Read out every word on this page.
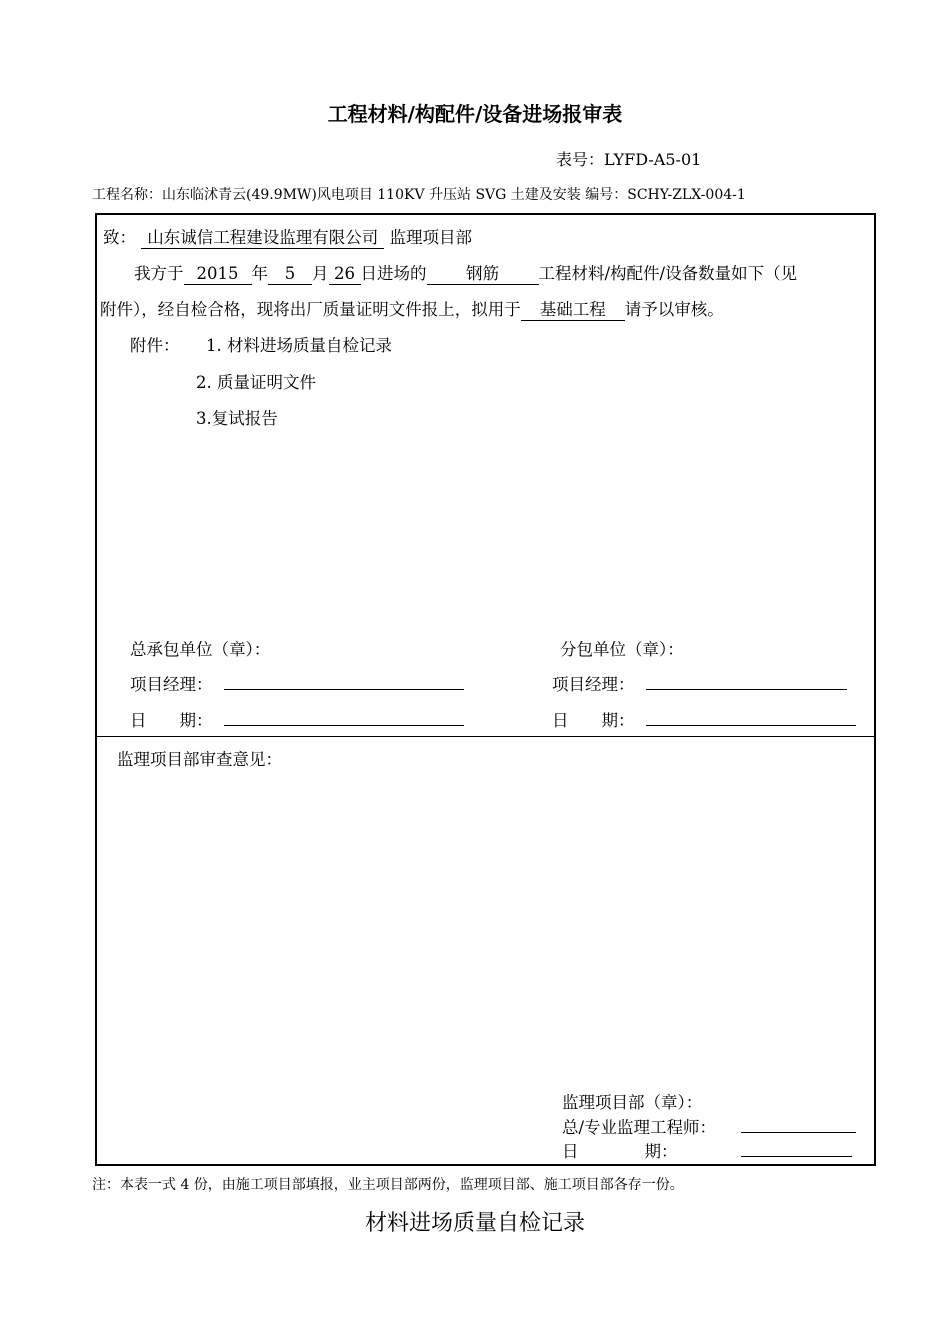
工程材料/构配件/设备进场报审表
表号：LYFD-A5-01
工程名称：山东临沭青云(49.9MW)风电项目 110KV 升压站 SVG 土建及安装 编号：SCHY-ZLX-004-1
致： 山东诚信工程建设监理有限公司 监理项目部
我方于 2015 年 5 月 26 日进场的 钢筋 工程材料/构配件/设备数量如下（见
附件），经自检合格，现将出厂质量证明文件报上，拟用于 基础工程 请予以审核。
附件： 1. 材料进场质量自检记录
2. 质量证明文件
3.复试报告
总承包单位（章）：	分包单位（章）：
项目经理：	项目经理：
日　　期：	日　　期：
监理项目部审查意见：
监理项目部（章）：
总/专业监理工程师：
日　　　　期：
注：本表一式 4 份，由施工项目部填报，业主项目部两份，监理项目部、施工项目部各存一份。
材料进场质量自检记录
